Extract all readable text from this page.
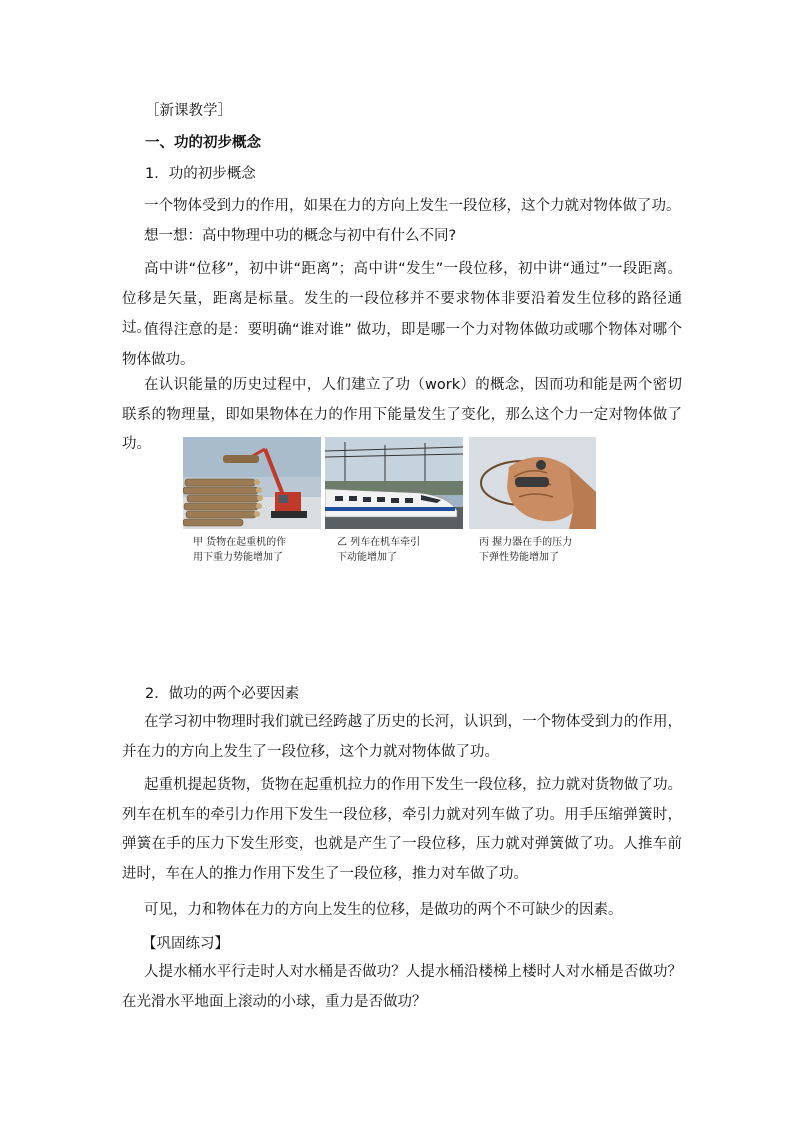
［新课教学］
一、功的初步概念
1．功的初步概念

一个物体受到力的作用，如果在力的方向上发生一段位移，这个力就对物体做了功。

想一想：高中物理中功的概念与初中有什么不同?

高中讲“位移”，初中讲“距离”；高中讲“发生”一段位移，初中讲“通过”一段距离。位移是矢量，距离是标量。发生的一段位移并不要求物体非要沿着发生位移的路径通过。

值得注意的是：要明确“谁对谁” 做功，即是哪一个力对物体做功或哪个物体对哪个物体做功。

在认识能量的历史过程中，人们建立了功（work）的概念，因而功和能是两个密切联系的物理量，即如果物体在力的作用下能量发生了变化，那么这个力一定对物体做了功。

甲 货物在起重机的作
用下重力势能增加了
乙 列车在机车牵引
下动能增加了
丙 握力器在手的压力
下弹性势能增加了
2．做功的两个必要因素

在学习初中物理时我们就已经跨越了历史的长河，认识到，一个物体受到力的作用，并在力的方向上发生了一段位移，这个力就对物体做了功。

起重机提起货物，货物在起重机拉力的作用下发生一段位移，拉力就对货物做了功。列车在机车的牵引力作用下发生一段位移，牵引力就对列车做了功。用手压缩弹簧时，弹簧在手的压力下发生形变，也就是产生了一段位移，压力就对弹簧做了功。人推车前进时，车在人的推力作用下发生了一段位移，推力对车做了功。

可见，力和物体在力的方向上发生的位移，是做功的两个不可缺少的因素。

【巩固练习】

人提水桶水平行走时人对水桶是否做功？人提水桶沿楼梯上楼时人对水桶是否做功？在光滑水平地面上滚动的小球，重力是否做功？
